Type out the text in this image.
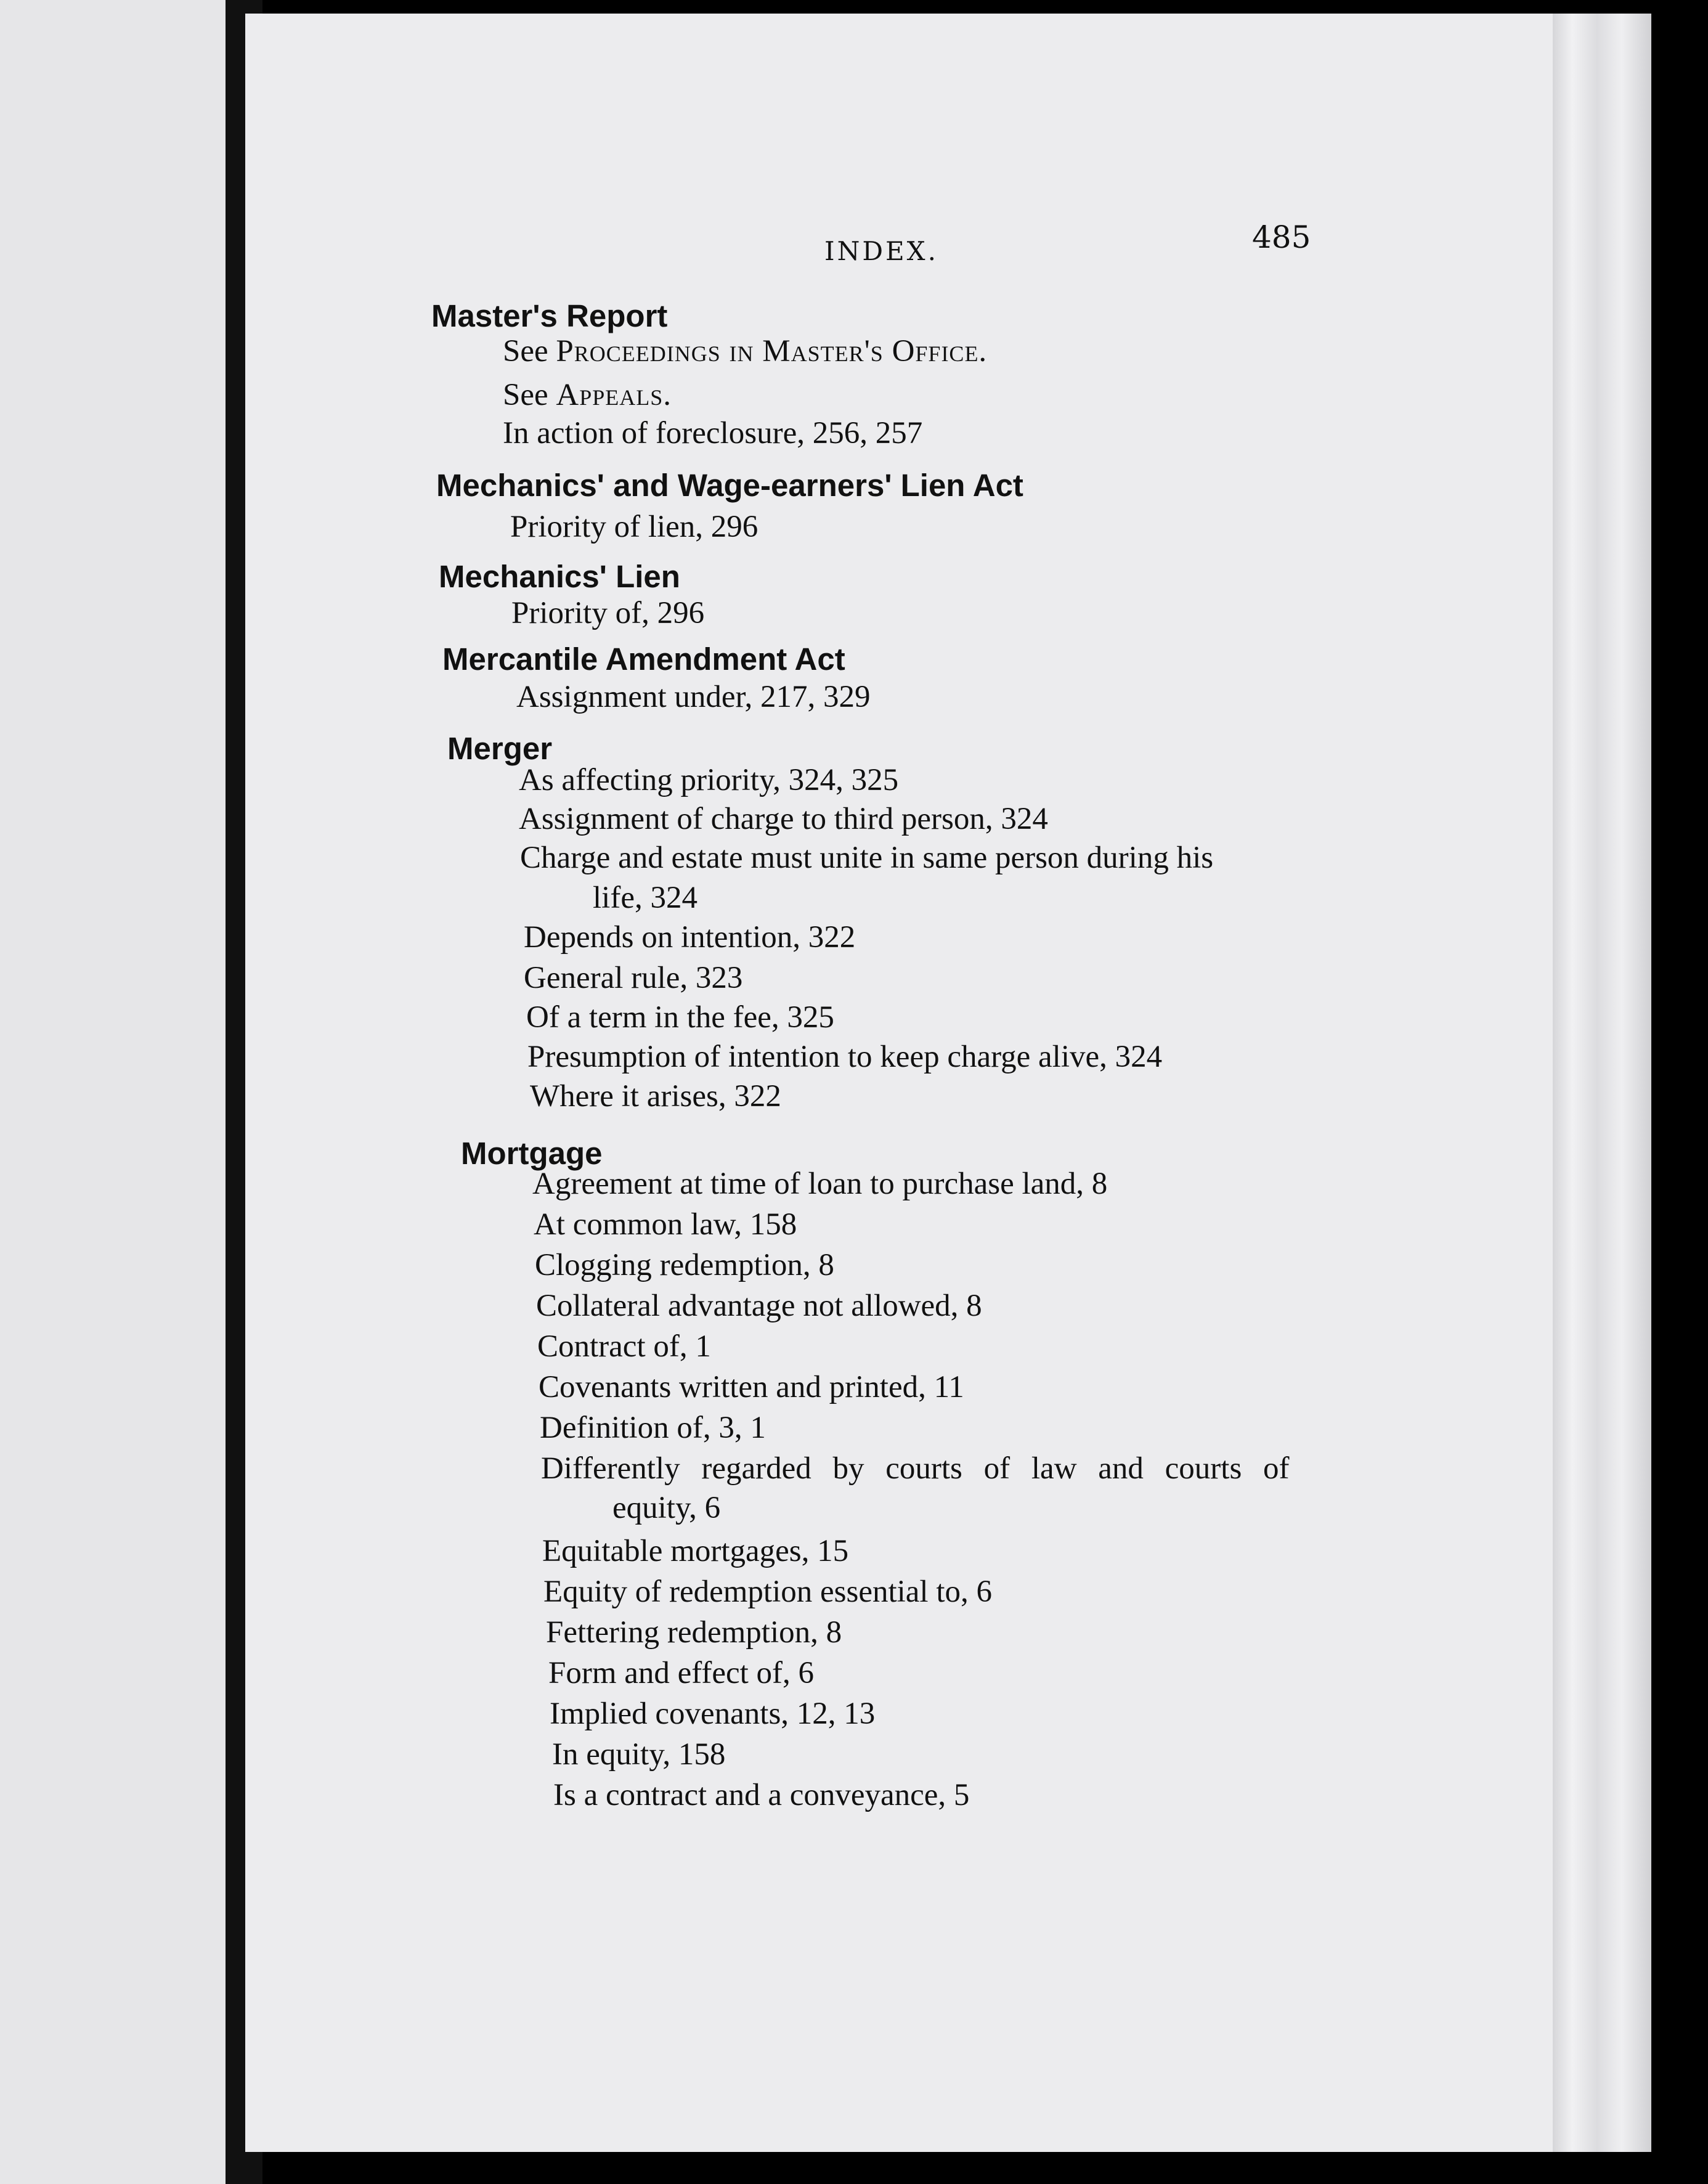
INDEX.	485
Master's Report
See Proceedings in Master's Office.
See Appeals.
In action of foreclosure, 256, 257
Mechanics' and Wage-earners' Lien Act
Priority of lien, 296
Mechanics' Lien
Priority of, 296
Mercantile Amendment Act
Assignment under, 217, 329
Merger
As affecting priority, 324, 325
Assignment of charge to third person, 324
Charge and estate must unite in same person during his
life, 324
Depends on intention, 322
General rule, 323
Of a term in the fee, 325
Presumption of intention to keep charge alive, 324
Where it arises, 322
Mortgage
Agreement at time of loan to purchase land, 8
At common law, 158
Clogging redemption, 8
Collateral advantage not allowed, 8
Contract of, 1
Covenants written and printed, 11
Definition of, 3, 1
Differently regarded by courts of law and courts of
equity, 6
Equitable mortgages, 15
Equity of redemption essential to, 6
Fettering redemption, 8
Form and effect of, 6
Implied covenants, 12, 13
In equity, 158
Is a contract and a conveyance, 5
